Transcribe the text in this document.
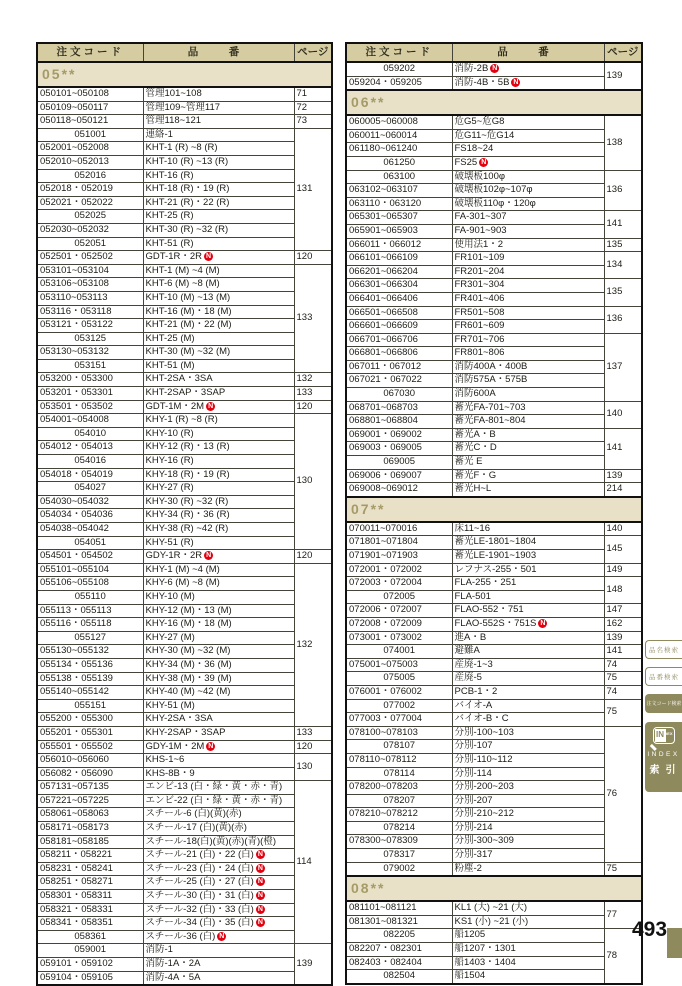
注文コード	品　番	ページ
05**		
050101~050108	管理101~108	71
050109~050117	管理109~管理117	72
050118~050121	管理118~121	73
051001	連絡-1	131
052001~052008	KHT-1 (R) ~8 (R)	
052010~052013	KHT-10 (R) ~13 (R)	
052016	KHT-16 (R)	
052018・052019	KHT-18 (R)・19 (R)	
052021・052022	KHT-21 (R)・22 (R)	
052025	KHT-25 (R)	
052030~052032	KHT-30 (R) ~32 (R)	
052051	KHT-51 (R)	
052501・052502	GDT-1R・2R N	120
053101~053104	KHT-1 (M) ~4 (M)	133
053106~053108	KHT-6 (M) ~8 (M)	
053110~053113	KHT-10 (M) ~13 (M)	
053116・053118	KHT-16 (M)・18 (M)	
053121・053122	KHT-21 (M)・22 (M)	
053125	KHT-25 (M)	
053130~053132	KHT-30 (M) ~32 (M)	
053151	KHT-51 (M)	
053200・053300	KHT-2SA・3SA	132
053201・053301	KHT-2SAP・3SAP	133
053501・053502	GDT-1M・2M N	120
054001~054008	KHY-1 (R) ~8 (R)	130
054010	KHY-10 (R)	
054012・054013	KHY-12 (R)・13 (R)	
054016	KHY-16 (R)	
054018・054019	KHY-18 (R)・19 (R)	
054027	KHY-27 (R)	
054030~054032	KHY-30 (R) ~32 (R)	
054034・054036	KHY-34 (R)・36 (R)	
054038~054042	KHY-38 (R) ~42 (R)	
054051	KHY-51 (R)	
054501・054502	GDY-1R・2R N	120
055101~055104	KHY-1 (M) ~4 (M)	132
055106~055108	KHY-6 (M) ~8 (M)	
055110	KHY-10 (M)	
055113・055113	KHY-12 (M)・13 (M)	
055116・055118	KHY-16 (M)・18 (M)	
055127	KHY-27 (M)	
055130~055132	KHY-30 (M) ~32 (M)	
055134・055136	KHY-34 (M)・36 (M)	
055138・055139	KHY-38 (M)・39 (M)	
055140~055142	KHY-40 (M) ~42 (M)	
055151	KHY-51 (M)	
055200・055300	KHY-2SA・3SA	
055201・055301	KHY-2SAP・3SAP	133
055501・055502	GDY-1M・2M N	120
056010~056060	KHS-1~6	130
056082・056090	KHS-8B・9	
057131~057135	エンビ-13 (白・緑・黄・赤・青)	114
057221~057225	エンビ-22 (白・緑・黄・赤・青)	
058061~058063	スチール-6 (白)(黄)(赤)	
058171~058173	スチール-17 (白)(黄)(赤)	
058181~058185	スチール-18(白)(黄)(赤)(青)(橙)	
058211・058221	スチール-21 (白)・22 (白) N	
058231・058241	スチール-23 (白)・24 (白) N	
058251・058271	スチール-25 (白)・27 (白) N	
058301・058311	スチール-30 (白)・31 (白) N	
058321・058331	スチール-32 (白)・33 (白) N	
058341・058351	スチール-34 (白)・35 (白) N	
058361	スチール-36 (白) N	
059001	消防-1	139
059101・059102	消防-1A・2A	
059104・059105	消防-4A・5A	
注文コード	品　番	ページ
059202	消防-2B N	139
059204・059205	消防-4B・5B N	
06**		
060005~060008	危G5~危G8	138
060011~060014	危G11~危G14	
061180~061240	FS18~24	
061250	FS25 N	
063100	破壊板100φ	136
063102~063107	破壊板102φ~107φ	
063110・063120	破壊板110φ・120φ	
065301~065307	FA-301~307	141
065901~065903	FA-901~903	
066011・066012	使用法1・2	135
066101~066109	FR101~109	134
066201~066204	FR201~204	
066301~066304	FR301~304	135
066401~066406	FR401~406	
066501~066508	FR501~508	136
066601~066609	FR601~609	
066701~066706	FR701~706	137
066801~066806	FR801~806	
067011・067012	消防400A・400B	
067021・067022	消防575A・575B	
067030	消防600A	
068701~068703	蓄光FA-701~703	140
068801~068804	蓄光FA-801~804	
069001・069002	蓄光A・B	141
069003・069005	蓄光C・D	
069005	蓄光 E	
069006・069007	蓄光F・G	139
069008~069012	蓄光H~L	214
07**		
070011~070016	床11~16	140
071801~071804	蓄光LE-1801~1804	145
071901~071903	蓄光LE-1901~1903	
072001・072002	レフナス-255・501	149
072003・072004	FLA-255・251	148
072005	FLA-501	
072006・072007	FLAO-552・751	147
072008・072009	FLAO-552S・751S N	162
073001・073002	進A・B	139
074001	避難A	141
075001~075003	産廃-1~3	74
075005	産廃-5	75
076001・076002	PCB-1・2	74
077002	バイオ-A	75
077003・077004	バイオ-B・C	
078100~078103	分別-100~103	76
078107	分別-107	
078110~078112	分別-110~112	
078114	分別-114	
078200~078203	分別-200~203	
078207	分別-207	
078210~078212	分別-210~212	
078214	分別-214	
078300~078309	分別-300~309	
078317	分別-317	
079002	粉塵-2	75
08**		
081101~081121	KL1 (大) ~21 (大)	77
081301~081321	KS1 (小) ~21 (小)	
082205	船1205	78
082207・082301	船1207・1301	
082403・082404	船1403・1404	
082504	船1504	
品名検索
品番検索
注文コード検索
IN DEX
INDEX
索引
493
